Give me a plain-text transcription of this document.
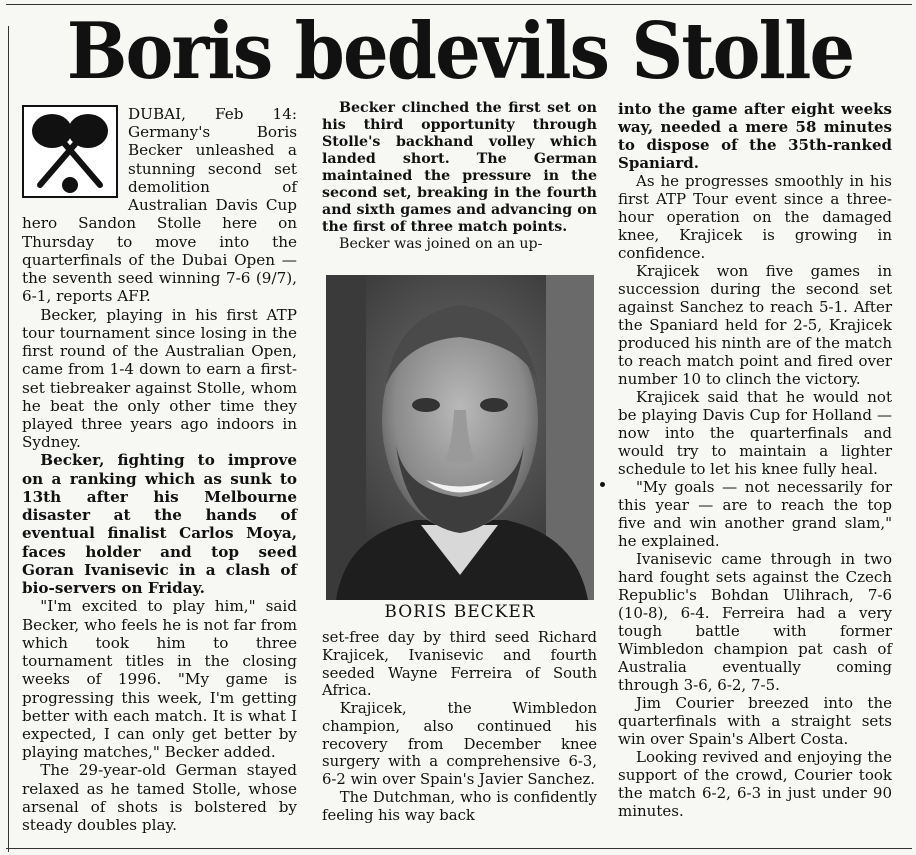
Boris bedevils Stolle

DUBAI, Feb 14: Germany's Boris Becker unleashed a stunning second set demolition of Australian Davis Cup hero Sandon Stolle here on Thursday to move into the quarterfinals of the Dubai Open — the seventh seed winning 7-6 (9/7), 6-1, reports AFP.

Becker, playing in his first ATP tour tournament since losing in the first round of the Australian Open, came from 1-4 down to earn a first-set tiebreaker against Stolle, whom he beat the only other time they played three years ago indoors in Sydney.

Becker, fighting to improve on a ranking which as sunk to 13th after his Melbourne disaster at the hands of eventual finalist Carlos Moya, faces holder and top seed Goran Ivanisevic in a clash of bio-servers on Friday.

"I'm excited to play him," said Becker, who feels he is not far from which took him to three tournament titles in the closing weeks of 1996. "My game is progressing this week, I'm getting better with each match. It is what I expected, I can only get better by playing matches," Becker added.

The 29-year-old German stayed relaxed as he tamed Stolle, whose arsenal of shots is bolstered by steady doubles play.

Becker clinched the first set on his third opportunity through Stolle's backhand volley which landed short. The German maintained the pressure in the second set, breaking in the fourth and sixth games and advancing on the first of three match points.

Becker was joined on an up-

BORIS BECKER

set-free day by third seed Richard Krajicek, Ivanisevic and fourth seeded Wayne Ferreira of South Africa.

Krajicek, the Wimbledon champion, also continued his recovery from December knee surgery with a comprehensive 6-3, 6-2 win over Spain's Javier Sanchez.

The Dutchman, who is confidently feeling his way back

into the game after eight weeks way, needed a mere 58 minutes to dispose of the 35th-ranked Spaniard.

As he progresses smoothly in his first ATP Tour event since a three-hour operation on the damaged knee, Krajicek is growing in confidence.

Krajicek won five games in succession during the second set against Sanchez to reach 5-1. After the Spaniard held for 2-5, Krajicek produced his ninth are of the match to reach match point and fired over number 10 to clinch the victory.

Krajicek said that he would not be playing Davis Cup for Holland — now into the quarterfinals and would try to maintain a lighter schedule to let his knee fully heal.

"My goals — not necessarily for this year — are to reach the top five and win another grand slam," he explained.

Ivanisevic came through in two hard fought sets against the Czech Republic's Bohdan Ulihrach, 7-6 (10-8), 6-4. Ferreira had a very tough battle with former Wimbledon champion pat cash of Australia eventually coming through 3-6, 6-2, 7-5.

Jim Courier breezed into the quarterfinals with a straight sets win over Spain's Albert Costa.

Looking revived and enjoying the support of the crowd, Courier took the match 6-2, 6-3 in just under 90 minutes.
